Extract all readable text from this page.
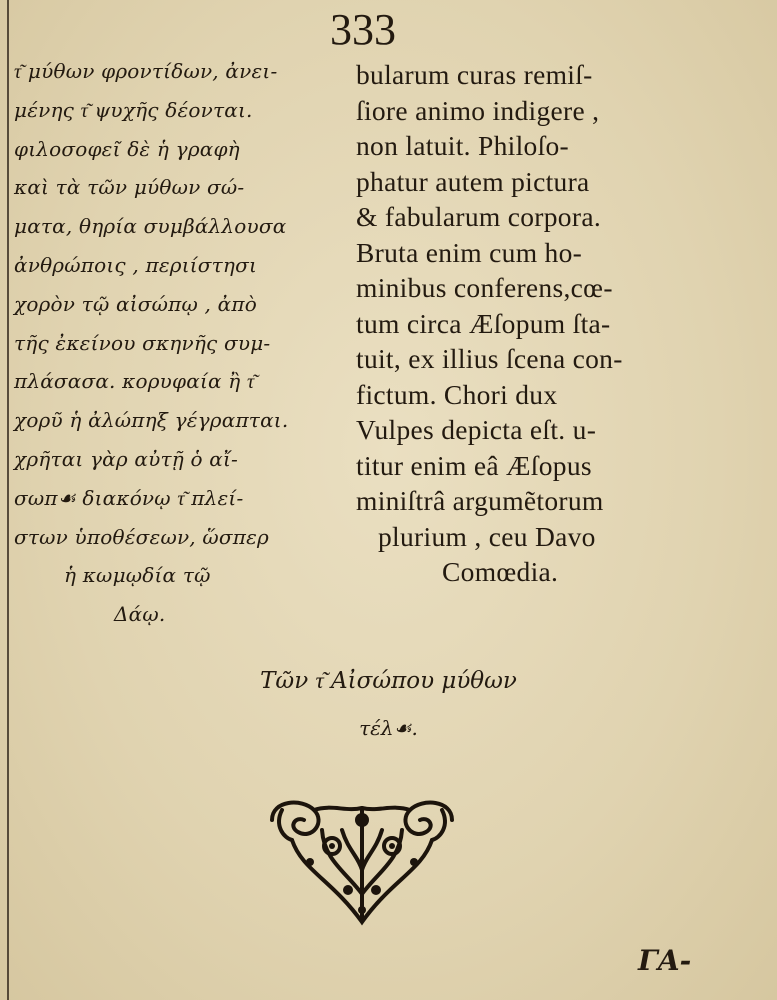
333
τ͂ μύθων φροντίδων, ἀνει-
μένης τ͂ ψυχῆς δέονται.
φιλοσοφεῖ δὲ ἡ γραφὴ
καὶ τὰ τῶν μύθων σώ-
ματα, θηρία συμβάλλουσα
ἀνθρώποις , περιίστησι
χορὸν τῷ αἰσώπῳ , ἀπὸ
τῆς ἐκείνου σκηνῆς συμ-
πλάσασα. κορυφαία ἢ τ͂
χορῦ ἡ ἀλώπηξ γέγραπται.
χρῆται γὰρ αὐτῇ ὁ αἴ-
σωπ☙ διακόνῳ τ͂ πλεί-
στων ὑποθέσεων, ὥσπερ
ἡ κωμῳδία τῷ
Δάῳ.
bularum curas remiſ-
ſiore animo indigere ,
non latuit. Philoſo-
phatur autem pictura
& fabularum corpora.
Bruta enim cum ho-
minibus conferens,cœ-
tum circa Æſopum ſta-
tuit, ex illius ſcena con-
fictum. Chori dux
Vulpes depicta eſt. u-
titur enim eâ Æſopus
miniſtrâ argumẽtorum
plurium , ceu Davo
Comœdia.
Τῶν τ͂ Αἰσώπου μύθων
τέλ☙.
ΓΑ-
